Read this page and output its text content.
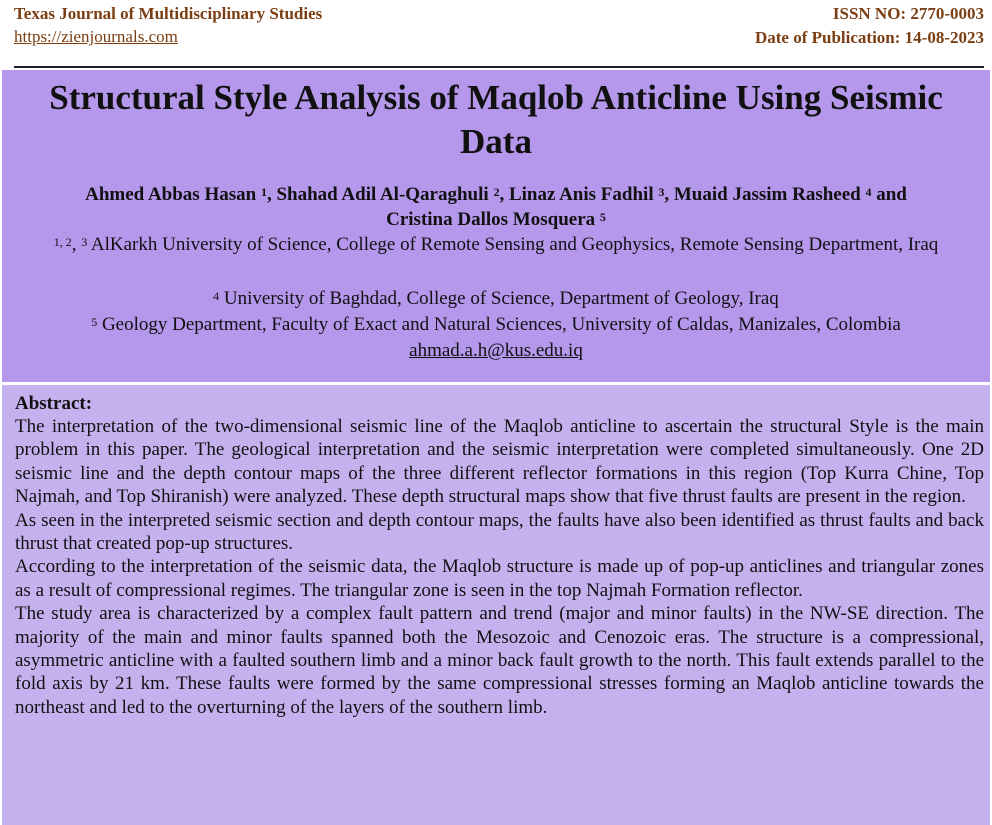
Texas Journal of Multidisciplinary Studies
https://zienjournals.com
ISSN NO: 2770-0003
Date of Publication: 14-08-2023
Structural Style Analysis of Maqlob Anticline Using Seismic Data
Ahmed Abbas Hasan $^1$, Shahad Adil Al-Qaraghuli $^2$, Linaz Anis Fadhil $^3$, Muaid Jassim Rasheed $^4$ and
Cristina Dallos Mosquera $^5$
$^{1, 2}$, $^3$ AlKarkh University of Science, College of Remote Sensing and Geophysics, Remote Sensing Department, Iraq
$^4$ University of Baghdad, College of Science, Department of Geology, Iraq
$^5$ Geology Department, Faculty of Exact and Natural Sciences, University of Caldas, Manizales, Colombia
ahmad.a.h@kus.edu.iq
Abstract:

The interpretation of the two-dimensional seismic line of the Maqlob anticline to ascertain the structural Style is the main problem in this paper. The geological interpretation and the seismic interpretation were completed simultaneously. One 2D seismic line and the depth contour maps of the three different reflector formations in this region (Top Kurra Chine, Top Najmah, and Top Shiranish) were analyzed. These depth structural maps show that five thrust faults are present in the region.

As seen in the interpreted seismic section and depth contour maps, the faults have also been identified as thrust faults and back thrust that created pop-up structures.

According to the interpretation of the seismic data, the Maqlob structure is made up of pop-up anticlines and triangular zones as a result of compressional regimes. The triangular zone is seen in the top Najmah Formation reflector.

The study area is characterized by a complex fault pattern and trend (major and minor faults) in the NW-SE direction. The majority of the main and minor faults spanned both the Mesozoic and Cenozoic eras. The structure is a compressional, asymmetric anticline with a faulted southern limb and a minor back fault growth to the north. This fault extends parallel to the fold axis by 21 km. These faults were formed by the same compressional stresses forming an Maqlob anticline towards the northeast and led to the overturning of the layers of the southern limb.
